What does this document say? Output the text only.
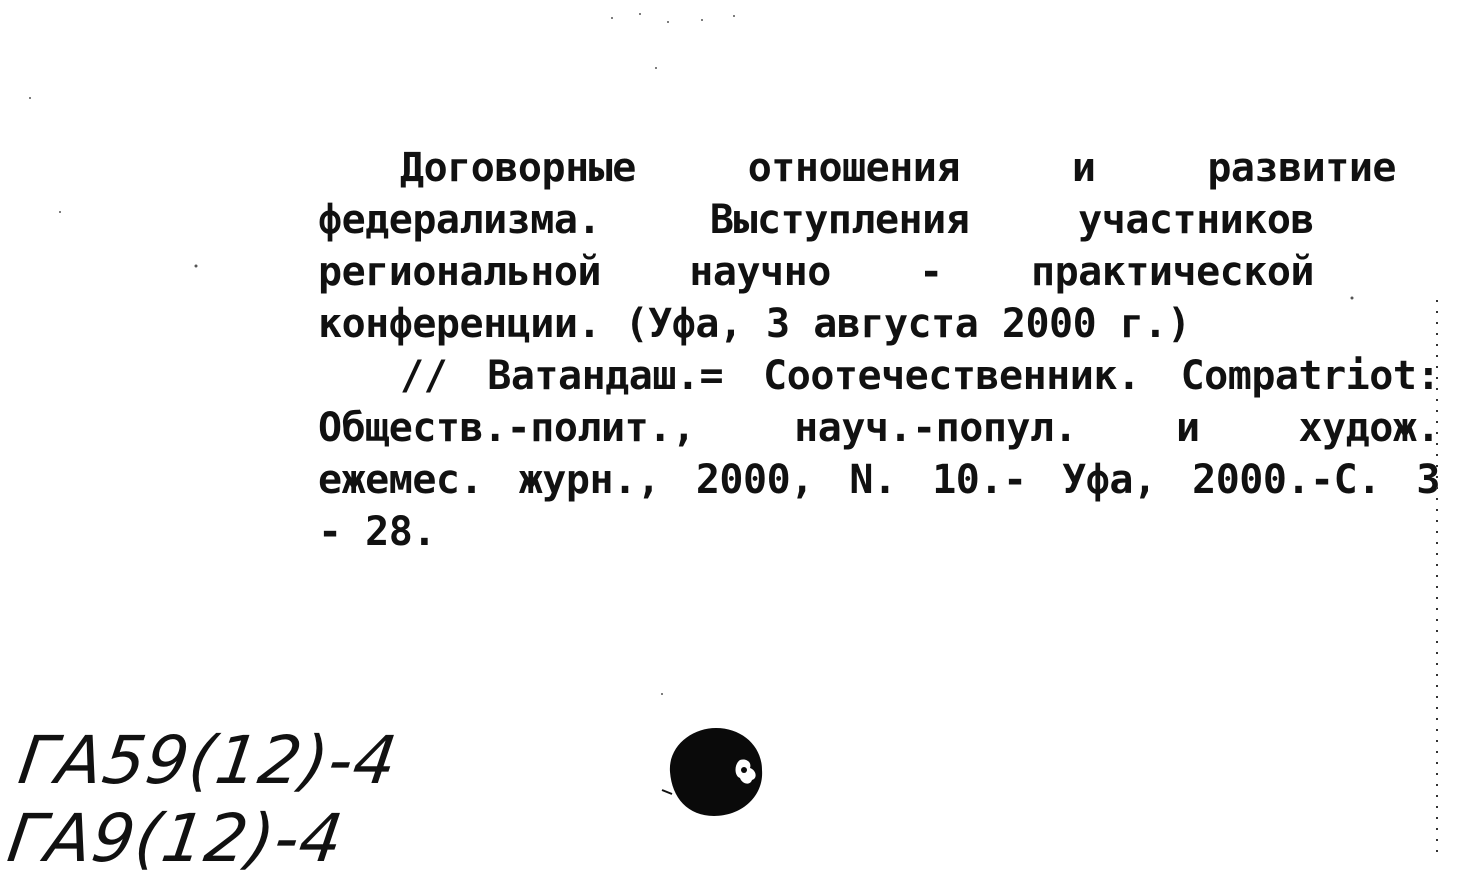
Договорные отношения и развитие
федерализма. Выступления участников
региональной научно - практической
конференции. (Уфа, 3 августа 2000 г.)
// Ватандаш.= Соотечественник. Compatriot:
Обществ.-полит., науч.-попул. и худож.
ежемес. журн., 2000, N. 10.- Уфа, 2000.-С. 3
- 28.
ГА59(12)-4
ГА9(12)-4
